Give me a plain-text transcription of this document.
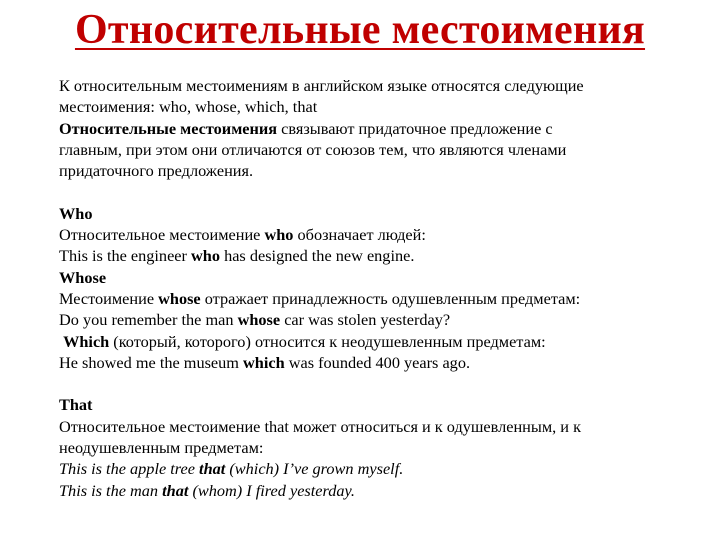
Относительные местоимения
К относительным местоимениям в английском языке относятся следующие
местоимения: who, whose, which, that
Относительные местоимения связывают придаточное предложение с
главным, при этом они отличаются от союзов тем, что являются членами
придаточного предложения.
Who
Относительное местоимение who обозначает людей:
This is the engineer who has designed the new engine.
Whose
Местоимение whose отражает принадлежность одушевленным предметам:
Do you remember the man whose car was stolen yesterday?
Which (который, которого) относится к неодушевленным предметам:
He showed me the museum which was founded 400 years ago.
That
Относительное местоимение that может относиться и к одушевленным, и к
неодушевленным предметам:
This is the apple tree that (which) I’ve grown myself.
This is the man that (whom) I fired yesterday.
